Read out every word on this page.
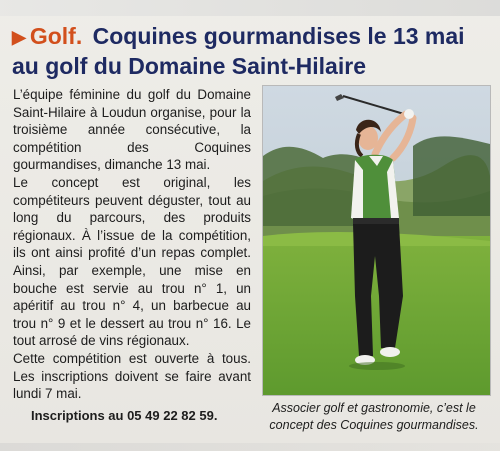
▶ Golf. Coquines gourmandises le 13 mai au golf du Domaine Saint-Hilaire

L’équipe féminine du golf du Domaine Saint-Hilaire à Loudun organise, pour la troisième année consécutive, la compétition des Coquines gourmandises, dimanche 13 mai.

Le concept est original, les compétiteurs peuvent déguster, tout au long du parcours, des produits régionaux. À l’issue de la compétition, ils ont ainsi profité d’un repas complet. Ainsi, par exemple, une mise en bouche est servie au trou n° 1, un apéritif au trou n° 4, un barbecue au trou n° 9 et le dessert au trou n° 16. Le tout arrosé de vins régionaux.

Cette compétition est ouverte à tous. Les inscriptions doivent se faire avant lundi 7 mai.

Inscriptions au 05 49 22 82 59.	Associer golf et gastronomie, c’est le concept des Coquines gourmandises.
